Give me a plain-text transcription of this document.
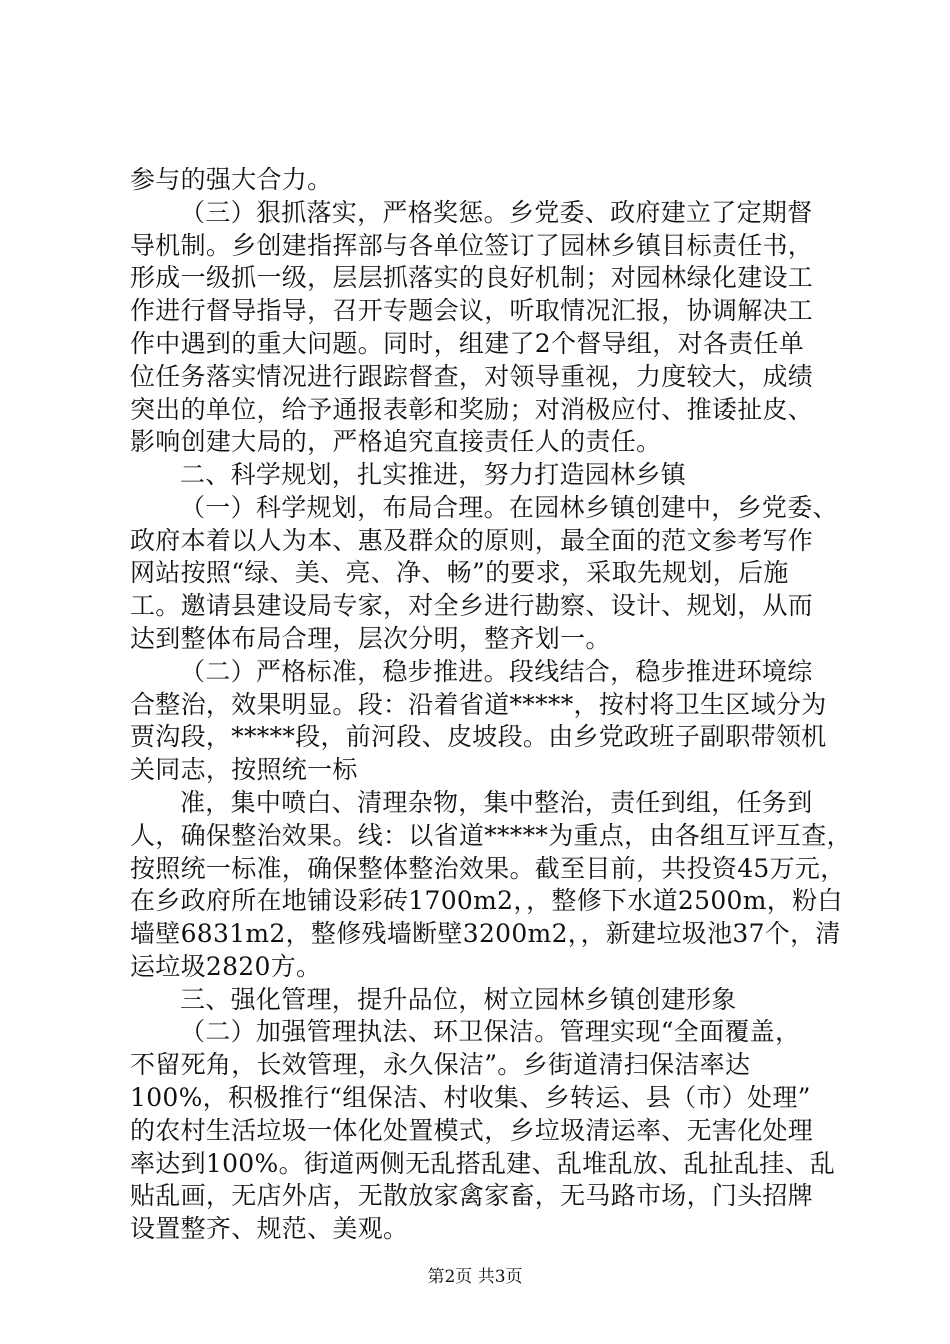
参与的强大合力。
（三）狠抓落实，严格奖惩。乡党委、政府建立了定期督
导机制。乡创建指挥部与各单位签订了园林乡镇目标责任书，
形成一级抓一级，层层抓落实的良好机制；对园林绿化建设工
作进行督导指导，召开专题会议，听取情况汇报，协调解决工
作中遇到的重大问题。同时，组建了2个督导组，对各责任单
位任务落实情况进行跟踪督查，对领导重视，力度较大，成绩
突出的单位，给予通报表彰和奖励；对消极应付、推诿扯皮、
影响创建大局的，严格追究直接责任人的责任。
二、科学规划，扎实推进，努力打造园林乡镇
（一）科学规划，布局合理。在园林乡镇创建中，乡党委、
政府本着以人为本、惠及群众的原则，最全面的范文参考写作
网站按照“绿、美、亮、净、畅”的要求，采取先规划，后施
工。邀请县建设局专家，对全乡进行勘察、设计、规划，从而
达到整体布局合理，层次分明，整齐划一。
（二）严格标准，稳步推进。段线结合，稳步推进环境综
合整治，效果明显。段：沿着省道*****，按村将卫生区域分为
贾沟段，*****段，前河段、皮坡段。由乡党政班子副职带领机
关同志，按照统一标
准，集中喷白、清理杂物，集中整治，责任到组，任务到
人，确保整治效果。线：以省道*****为重点，由各组互评互查，
按照统一标准，确保整体整治效果。截至目前，共投资45万元，
在乡政府所在地铺设彩砖1700m2，，整修下水道2500m，粉白
墙壁6831m2，整修残墙断壁3200m2，，新建垃圾池37个，清
运垃圾2820方。
三、强化管理，提升品位，树立园林乡镇创建形象
（二）加强管理执法、环卫保洁。管理实现“全面覆盖，
不留死角，长效管理，永久保洁”。乡街道清扫保洁率达
100%，积极推行“组保洁、村收集、乡转运、县（市）处理”
的农村生活垃圾一体化处置模式，乡垃圾清运率、无害化处理
率达到100%。街道两侧无乱搭乱建、乱堆乱放、乱扯乱挂、乱
贴乱画，无店外店，无散放家禽家畜，无马路市场，门头招牌
设置整齐、规范、美观。
第2页 共3页
